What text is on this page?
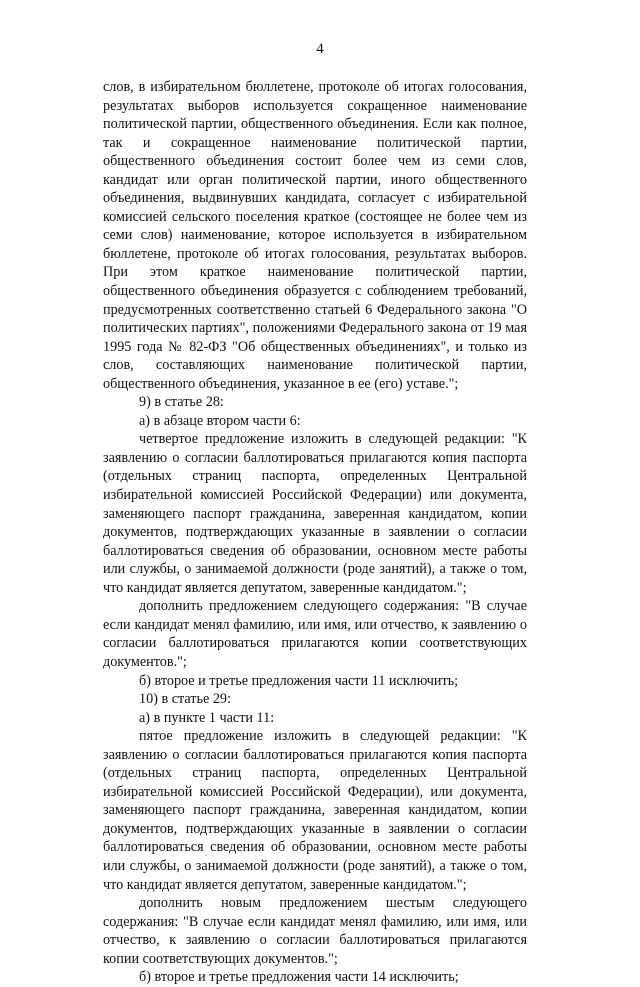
4

слов, в избирательном бюллетене, протоколе об итогах голосования, результатах выборов используется сокращенное наименование политической партии, общественного объединения. Если как полное, так и сокращенное наименование политической партии, общественного объединения состоит более чем из семи слов, кандидат или орган политической партии, иного общественного объединения, выдвинувших кандидата, согласует с избирательной комиссией сельского поселения краткое (состоящее не более чем из семи слов) наименование, которое используется в избирательном бюллетене, протоколе об итогах голосования, результатах выборов. При этом краткое наименование политической партии, общественного объединения образуется с соблюдением требований, предусмотренных соответственно статьей 6 Федерального закона "О политических партиях", положениями Федерального закона от 19 мая 1995 года № 82-ФЗ "Об общественных объединениях", и только из слов, составляющих наименование политической партии, общественного объединения, указанное в ее (его) уставе.";

9) в статье 28:

а) в абзаце втором части 6:

четвертое предложение изложить в следующей редакции: "К заявлению о согласии баллотироваться прилагаются копия паспорта (отдельных страниц паспорта, определенных Центральной избирательной комиссией Российской Федерации) или документа, заменяющего паспорт гражданина, заверенная кандидатом, копии документов, подтверждающих указанные в заявлении о согласии баллотироваться сведения об образовании, основном месте работы или службы, о занимаемой должности (роде занятий), а также о том, что кандидат является депутатом, заверенные кандидатом.";

дополнить предложением следующего содержания: "В случае если кандидат менял фамилию, или имя, или отчество, к заявлению о согласии баллотироваться прилагаются копии соответствующих документов.";

б) второе и третье предложения части 11 исключить;

10) в статье 29:

а) в пункте 1 части 11:

пятое предложение изложить в следующей редакции: "К заявлению о согласии баллотироваться прилагаются копия паспорта (отдельных страниц паспорта, определенных Центральной избирательной комиссией Российской Федерации), или документа, заменяющего паспорт гражданина, заверенная кандидатом, копии документов, подтверждающих указанные в заявлении о согласии баллотироваться сведения об образовании, основном месте работы или службы, о занимаемой должности (роде занятий), а также о том, что кандидат является депутатом, заверенные кандидатом.";

дополнить новым предложением шестым следующего содержания: "В случае если кандидат менял фамилию, или имя, или отчество, к заявлению о согласии баллотироваться прилагаются копии соответствующих документов.";

б) второе и третье предложения части 14 исключить;
